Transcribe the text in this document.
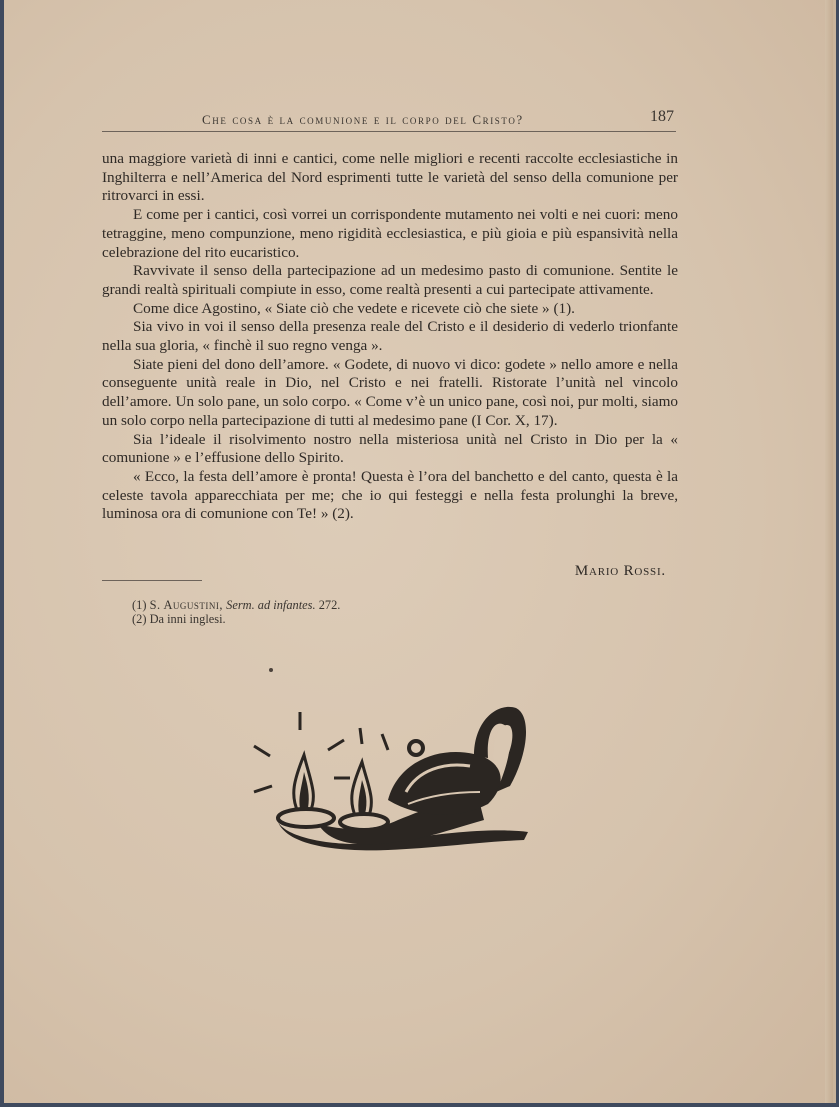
Che cosa è la comunione e il corpo del Cristo?	187

una maggiore varietà di inni e cantici, come nelle migliori e recenti raccolte ecclesiastiche in Inghilterra e nell’America del Nord esprimenti tutte le varietà del senso della comunione per ritrovarci in essi.

E come per i cantici, così vorrei un corrispondente mutamento nei volti e nei cuori: meno tetraggine, meno compunzione, meno rigidità ecclesiastica, e più gioia e più espansività nella celebrazione del rito eucaristico.

Ravvivate il senso della partecipazione ad un medesimo pasto di comunione. Sentite le grandi realtà spirituali compiute in esso, come realtà presenti a cui partecipate attivamente.

Come dice Agostino, « Siate ciò che vedete e ricevete ciò che siete » (1).

Sia vivo in voi il senso della presenza reale del Cristo e il desiderio di vederlo trionfante nella sua gloria, « finchè il suo regno venga ».

Siate pieni del dono dell’amore. « Godete, di nuovo vi dico: godete » nello amore e nella conseguente unità reale in Dio, nel Cristo e nei fratelli. Ristorate l’unità nel vincolo dell’amore. Un solo pane, un solo corpo. « Come v’è un unico pane, così noi, pur molti, siamo un solo corpo nella partecipazione di tutti al medesimo pane (I Cor. X, 17).

Sia l’ideale il risolvimento nostro nella misteriosa unità nel Cristo in Dio per la « comunione » e l’effusione dello Spirito.

« Ecco, la festa dell’amore è pronta! Questa è l’ora del banchetto e del canto, questa è la celeste tavola apparecchiata per me; che io qui festeggi e nella festa prolunghi la breve, luminosa ora di comunione con Te! » (2).

Mario Rossi.
(1) S. Augustini, Serm. ad infantes. 272.
(2) Da inni inglesi.
